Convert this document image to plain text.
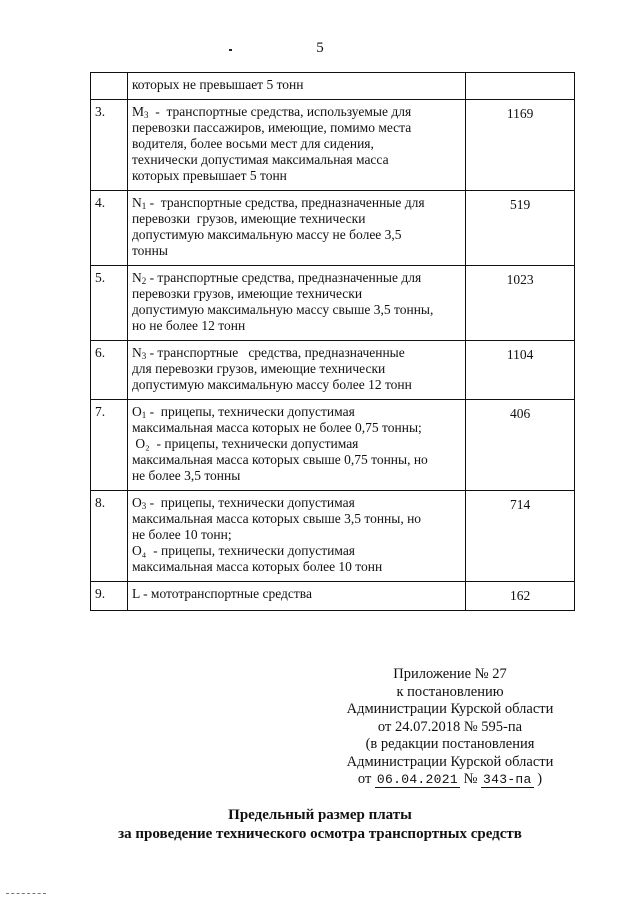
5

	которых не превышает 5 тонн	

3.	$M_3$  -  транспортные средства, используемые для
перевозки пассажиров, имеющие, помимо места
водителя, более восьми мест для сидения,
технически допустимая максимальная масса
которых превышает 5 тонн	1169
4.	$N_1$ -  транспортные средства, предназначенные для
перевозки  грузов, имеющие технически
допустимую максимальную массу не более 3,5
тонны	519
5.	$N_2$ - транспортные средства, предназначенные для
перевозки грузов, имеющие технически
допустимую максимальную массу свыше 3,5 тонны,
но не более 12 тонн	1023
6.	$N_3$ - транспортные   средства, предназначенные
для перевозки грузов, имеющие технически
допустимую максимальную массу более 12 тонн	1104
7.	$O_1$ -  прицепы, технически допустимая
максимальная масса которых не более 0,75 тонны;
O₂  - прицепы, технически допустимая
максимальная масса которых свыше 0,75 тонны, но
не более 3,5 тонны	406
8.	$O_3$ -  прицепы, технически допустимая
максимальная масса которых свыше 3,5 тонны, но
не более 10 тонн;
O₄  - прицепы, технически допустимая
максимальная масса которых более 10 тонн	714
9.	L - мототранспортные средства	162
Приложение № 27
к постановлению
Администрации Курской области
от 24.07.2018 № 595-па
(в редакции постановления
Администрации Курской области
от 06.04.2021 № 343-па )
Предельный размер платы
за проведение технического осмотра транспортных средств
